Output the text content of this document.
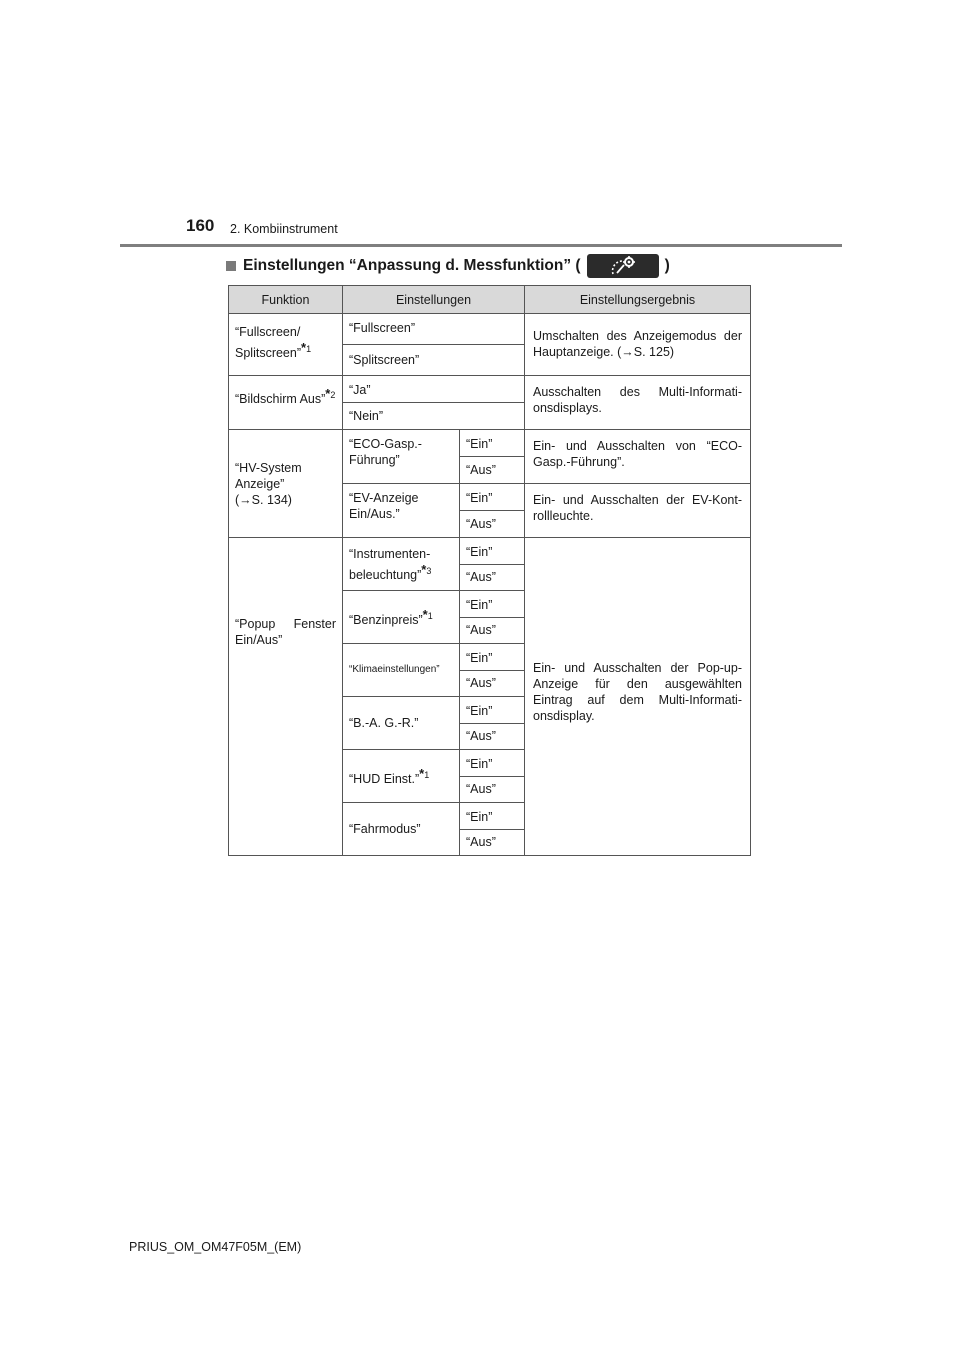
160 2. Kombiinstrument
Einstellungen “Anpassung d. Messfunktion” (	)
Funktion	Einstellungen		Einstellungsergebnis
“Fullscreen/ Splitscreen”$^{*1}$	“Fullscreen”		Umschalten des Anzeigemodus der Hauptanzeige. (→S. 125)
	“Splitscreen”		
“Bildschirm Aus”$^{*2}$	“Ja”		Ausschalten des Multi-Informati-onsdisplays.
	“Nein”		

“HV-System
Anzeige”
(→S. 134)	“ECO-Gasp.-Führung”	“Ein”	Ein- und Ausschalten von “ECO-Gasp.-Führung”.
		“Aus”	
	“EV-Anzeige Ein/Aus.”	“Ein”	Ein- und Ausschalten der EV-Kont-rollleuchte.
		“Aus”	
“Popup Fenster Ein/Aus”	“Instrumenten-beleuchtung”$^{*3}$	“Ein”	Ein- und Ausschalten der Pop-up-Anzeige für den ausgewählten Eintrag auf dem Multi-Informati-onsdisplay.
		“Aus”	
	“Benzinpreis”$^{*1}$	“Ein”	
		“Aus”	
	“Klimaeinstellungen”	“Ein”	
		“Aus”	
	“B.-A. G.-R.”	“Ein”	
		“Aus”	
	“HUD Einst.”$^{*1}$	“Ein”	
		“Aus”	
	“Fahrmodus”	“Ein”	
		“Aus”	
PRIUS_OM_OM47F05M_(EM)
